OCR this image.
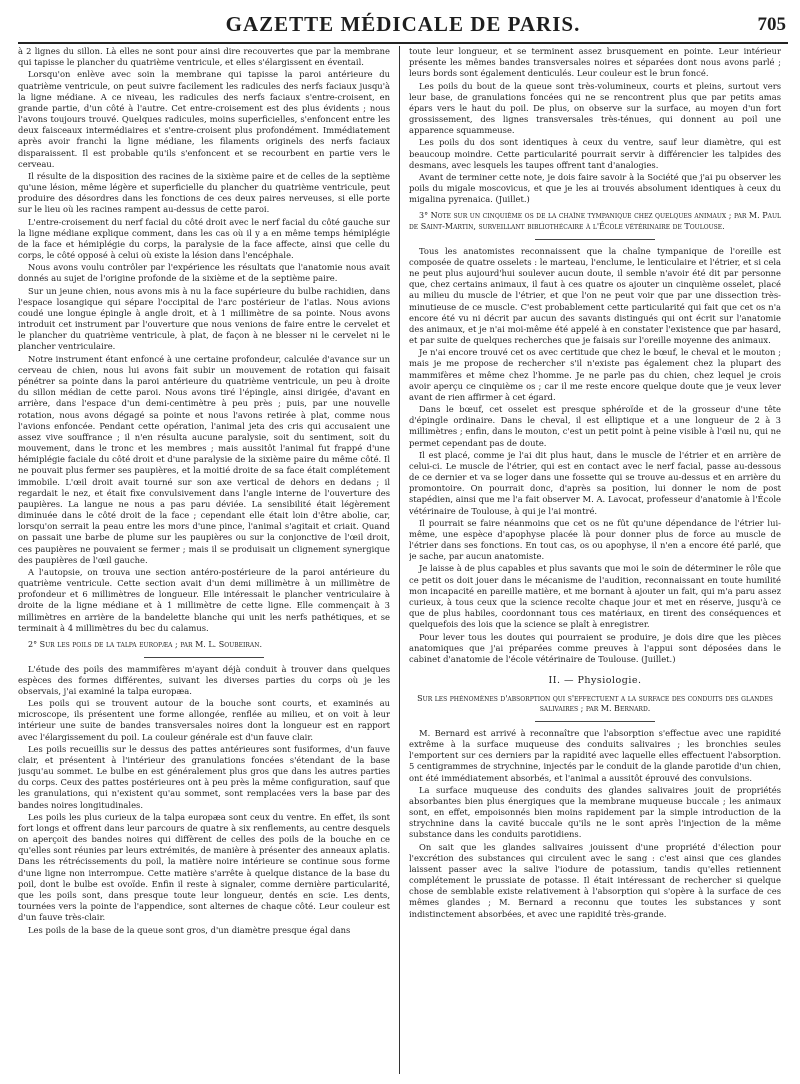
GAZETTE MÉDICALE DE PARIS.	705

à 2 lignes du sillon. Là elles ne sont pour ainsi dire recouvertes que par la membrane qui tapisse le plancher du quatrième ventricule, et elles s'élargissent en éventail.

Lorsqu'on enlève avec soin la membrane qui tapisse la paroi antérieure du quatrième ventricule, on peut suivre facilement les radicules des nerfs faciaux jusqu'à la ligne médiane. A ce niveau, les radicules des nerfs faciaux s'entre-croisent, en grande partie, d'un côté à l'autre. Cet entre-croisement est des plus évidents ; nous l'avons toujours trouvé. Quelques radicules, moins superficielles, s'enfoncent entre les deux faisceaux intermédiaires et s'entre-croisent plus profondément. Immédiatement après avoir franchi la ligne médiane, les filaments originels des nerfs faciaux disparaissent. Il est probable qu'ils s'enfoncent et se recourbent en partie vers le cerveau.

Il résulte de la disposition des racines de la sixième paire et de celles de la septième qu'une lésion, même légère et superficielle du plancher du quatrième ventricule, peut produire des désordres dans les fonctions de ces deux paires nerveuses, si elle porte sur le lieu où les racines rampent au-dessus de cette paroi.

L'entre-croisement du nerf facial du côté droit avec le nerf facial du côté gauche sur la ligne médiane explique comment, dans les cas où il y a en même temps hémiplégie de la face et hémiplégie du corps, la paralysie de la face affecte, ainsi que celle du corps, le côté opposé à celui où existe la lésion dans l'encéphale.

Nous avons voulu contrôler par l'expérience les résultats que l'anatomie nous avait donnés au sujet de l'origine profonde de la sixième et de la septième paire.

Sur un jeune chien, nous avons mis à nu la face supérieure du bulbe rachidien, dans l'espace losangique qui sépare l'occipital de l'arc postérieur de l'atlas. Nous avions coudé une longue épingle à angle droit, et à 1 millimètre de sa pointe. Nous avons introduit cet instrument par l'ouverture que nous venions de faire entre le cervelet et le plancher du quatrième ventricule, à plat, de façon à ne blesser ni le cervelet ni le plancher ventriculaire.

Notre instrument étant enfoncé à une certaine profondeur, calculée d'avance sur un cerveau de chien, nous lui avons fait subir un mouvement de rotation qui faisait pénétrer sa pointe dans la paroi antérieure du quatrième ventricule, un peu à droite du sillon médian de cette paroi. Nous avons tiré l'épingle, ainsi dirigée, d'avant en arrière, dans l'espace d'un demi-centimètre à peu près ; puis, par une nouvelle rotation, nous avons dégagé sa pointe et nous l'avons retirée à plat, comme nous l'avions enfoncée. Pendant cette opération, l'animal jeta des cris qui accusaient une assez vive souffrance ; il n'en résulta aucune paralysie, soit du sentiment, soit du mouvement, dans le tronc et les membres ; mais aussitôt l'animal fut frappé d'une hémiplégie faciale du côté droit et d'une paralysie de la sixième paire du même côté. Il ne pouvait plus fermer ses paupières, et la moitié droite de sa face était complétement immobile. L'œil droit avait tourné sur son axe vertical de dehors en dedans ; il regardait le nez, et était fixe convulsivement dans l'angle interne de l'ouverture des paupières. La langue ne nous a pas paru déviée. La sensibilité était légèrement diminuée dans le côté droit de la face ; cependant elle était loin d'être abolie, car, lorsqu'on serrait la peau entre les mors d'une pince, l'animal s'agitait et criait. Quand on passait une barbe de plume sur les paupières ou sur la conjonctive de l'œil droit, ces paupières ne pouvaient se fermer ; mais il se produisait un clignement synergique des paupières de l'œil gauche.

A l'autopsie, on trouva une section antéro-postérieure de la paroi antérieure du quatrième ventricule. Cette section avait d'un demi millimètre à un millimètre de profondeur et 6 millimètres de longueur. Elle intéressait le plancher ventriculaire à droite de la ligne médiane et à 1 millimètre de cette ligne. Elle commençait à 3 millimètres en arrière de la bandelette blanche qui unit les nerfs pathétiques, et se terminait à 4 millimètres du bec du calamus.

2° Sur les poils de la talpa europæa ; par M. L. Soubeiran.

L'étude des poils des mammifères m'ayant déjà conduit à trouver dans quelques espèces des formes différentes, suivant les diverses parties du corps où je les observais, j'ai examiné la talpa europæa.

Les poils qui se trouvent autour de la bouche sont courts, et examinés au microscope, ils présentent une forme allongée, renflée au milieu, et on voit à leur intérieur une suite de bandes transversales noires dont la longueur est en rapport avec l'élargissement du poil. La couleur générale est d'un fauve clair.

Les poils recueillis sur le dessus des pattes antérieures sont fusiformes, d'un fauve clair, et présentent à l'intérieur des granulations foncées s'étendant de la base jusqu'au sommet. Le bulbe en est généralement plus gros que dans les autres parties du corps. Ceux des pattes postérieures ont à peu près la même configuration, sauf que les granulations, qui n'existent qu'au sommet, sont remplacées vers la base par des bandes noires longitudinales.

Les poils les plus curieux de la talpa europæa sont ceux du ventre. En effet, ils sont fort longs et offrent dans leur parcours de quatre à six renflements, au centre desquels on aperçoit des bandes noires qui diffèrent de celles des poils de la bouche en ce qu'elles sont réunies par leurs extrémités, de manière à présenter des anneaux aplatis. Dans les rétrécissements du poil, la matière noire intérieure se continue sous forme d'une ligne non interrompue. Cette matière s'arrête à quelque distance de la base du poil, dont le bulbe est ovoïde. Enfin il reste à signaler, comme dernière particularité, que les poils sont, dans presque toute leur longueur, dentés en scie. Les dents, tournées vers la pointe de l'appendice, sont alternes de chaque côté. Leur couleur est d'un fauve très-clair.

Les poils de la base de la queue sont gros, d'un diamètre presque égal dans

toute leur longueur, et se terminent assez brusquement en pointe. Leur intérieur présente les mêmes bandes transversales noires et séparées dont nous avons parlé ; leurs bords sont également denticulés. Leur couleur est le brun foncé.

Les poils du bout de la queue sont très-volumineux, courts et pleins, surtout vers leur base, de granulations foncées qui ne se rencontrent plus que par petits amas épars vers le haut du poil. De plus, on observe sur la surface, au moyen d'un fort grossissement, des lignes transversales très-ténues, qui donnent au poil une apparence squammeuse.

Les poils du dos sont identiques à ceux du ventre, sauf leur diamètre, qui est beaucoup moindre. Cette particularité pourrait servir à différencier les talpides des desmans, avec lesquels les taupes offrent tant d'analogies.

Avant de terminer cette note, je dois faire savoir à la Société que j'ai pu observer les poils du migale moscovicus, et que je les ai trouvés absolument identiques à ceux du migalina pyrenaica. (Juillet.)

3° Note sur un cinquième os de la chaîne tympanique chez quelques animaux ; par M. Paul de Saint-Martin, surveillant bibliothécaire à l'École vétérinaire de Toulouse.

Tous les anatomistes reconnaissent que la chaîne tympanique de l'oreille est composée de quatre osselets : le marteau, l'enclume, le lenticulaire et l'étrier, et si cela ne peut plus aujourd'hui soulever aucun doute, il semble n'avoir été dit par personne que, chez certains animaux, il faut à ces quatre os ajouter un cinquième osselet, placé au milieu du muscle de l'étrier, et que l'on ne peut voir que par une dissection très-minutieuse de ce muscle. C'est probablement cette particularité qui fait que cet os n'a encore été vu ni décrit par aucun des savants distingués qui ont écrit sur l'anatomie des animaux, et je n'ai moi-même été appelé à en constater l'existence que par hasard, et par suite de quelques recherches que je faisais sur l'oreille moyenne des animaux.

Je n'ai encore trouvé cet os avec certitude que chez le bœuf, le cheval et le mouton ; mais je me propose de rechercher s'il n'existe pas également chez la plupart des mammifères et même chez l'homme. Je ne parle pas du chien, chez lequel je crois avoir aperçu ce cinquième os ; car il me reste encore quelque doute que je veux lever avant de rien affirmer à cet égard.

Dans le bœuf, cet osselet est presque sphéroïde et de la grosseur d'une tête d'épingle ordinaire. Dans le cheval, il est elliptique et a une longueur de 2 à 3 millimètres ; enfin, dans le mouton, c'est un petit point à peine visible à l'œil nu, qui ne permet cependant pas de doute.

Il est placé, comme je l'ai dit plus haut, dans le muscle de l'étrier et en arrière de celui-ci. Le muscle de l'étrier, qui est en contact avec le nerf facial, passe au-dessous de ce dernier et va se loger dans une fossette qui se trouve au-dessus et en arrière du promontoire. On pourrait donc, d'après sa position, lui donner le nom de post stapédien, ainsi que me l'a fait observer M. A. Lavocat, professeur d'anatomie à l'École vétérinaire de Toulouse, à qui je l'ai montré.

Il pourrait se faire néanmoins que cet os ne fût qu'une dépendance de l'étrier lui-même, une espèce d'apophyse placée là pour donner plus de force au muscle de l'étrier dans ses fonctions. En tout cas, os ou apophyse, il n'en a encore été parlé, que je sache, par aucun anatomiste.

Je laisse à de plus capables et plus savants que moi le soin de déterminer le rôle que ce petit os doit jouer dans le mécanisme de l'audition, reconnaissant en toute humilité mon incapacité en pareille matière, et me bornant à ajouter un fait, qui m'a paru assez curieux, à tous ceux que la science recolte chaque jour et met en réserve, jusqu'à ce que de plus habiles, coordonnant tous ces matériaux, en tirent des conséquences et quelquefois des lois que la science se plaît à enregistrer.

Pour lever tous les doutes qui pourraient se produire, je dois dire que les pièces anatomiques que j'ai préparées comme preuves à l'appui sont déposées dans le cabinet d'anatomie de l'école vétérinaire de Toulouse. (Juillet.)

II. — Physiologie.
Sur les phénomènes d'absorption qui s'effectuent a la surface des conduits des glandes salivaires ; par M. Bernard.

M. Bernard est arrivé à reconnaître que l'absorption s'effectue avec une rapidité extrême à la surface muqueuse des conduits salivaires ; les bronchies seules l'emportent sur ces derniers par la rapidité avec laquelle elles effectuent l'absorption. 5 centigrammes de strychnine, injectés par le conduit de la glande parotide d'un chien, ont été immédiatement absorbés, et l'animal a aussitôt éprouvé des convulsions.

La surface muqueuse des conduits des glandes salivaires jouit de propriétés absorbantes bien plus énergiques que la membrane muqueuse buccale ; les animaux sont, en effet, empoisonnés bien moins rapidement par la simple introduction de la strychnine dans la cavité buccale qu'ils ne le sont après l'injection de la même substance dans les conduits parotidiens.

On sait que les glandes salivaires jouissent d'une propriété d'élection pour l'excrétion des substances qui circulent avec le sang : c'est ainsi que ces glandes laissent passer avec la salive l'iodure de potassium, tandis qu'elles retiennent complétement le prussiate de potasse. Il était intéressant de rechercher si quelque chose de semblable existe relativement à l'absorption qui s'opère à la surface de ces mêmes glandes ; M. Bernard a reconnu que toutes les substances y sont indistinctement absorbées, et avec une rapidité très-grande.
